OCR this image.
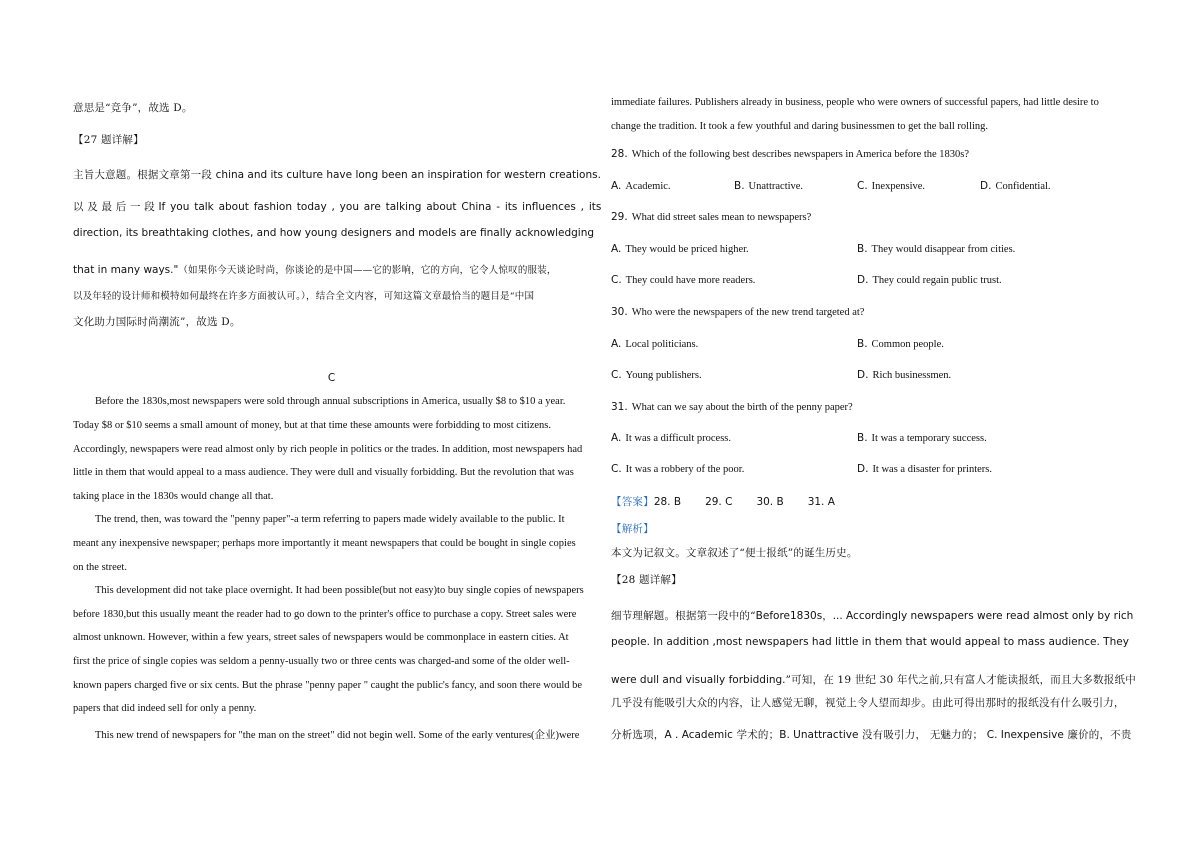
意思是“竞争”，故选 D。
【27 题详解】
主旨大意题。根据文章第一段 china and its culture have long been an inspiration for western creations.
以 及 最 后 一 段 If you talk about fashion today , you are talking about China - its influences , its
direction, its breathtaking clothes, and how young designers and models are finally acknowledging
that in many ways."（如果你今天谈论时尚，你谈论的是中国——它的影响，它的方向，它令人惊叹的服装，
以及年轻的设计师和模特如何最终在许多方面被认可。），结合全文内容，可知这篇文章最恰当的题目是“中国
文化助力国际时尚潮流”，故选 D。
C
Before the 1830s,most newspapers were sold through annual subscriptions in America, usually $8 to $10 a year.
Today $8 or $10 seems a small amount of money, but at that time these amounts were forbidding to most citizens.
Accordingly, newspapers were read almost only by rich people in politics or the trades. In addition, most newspapers had
little in them that would appeal to a mass audience. They were dull and visually forbidding. But the revolution that was
taking place in the 1830s would change all that.
The trend, then, was toward the "penny paper"-a term referring to papers made widely available to the public. It
meant any inexpensive newspaper; perhaps more importantly it meant newspapers that could be bought in single copies
on the street.
This development did not take place overnight. It had been possible(but not easy)to buy single copies of newspapers
before 1830,but this usually meant the reader had to go down to the printer's office to purchase a copy. Street sales were
almost unknown. However, within a few years, street sales of newspapers would be commonplace in eastern cities. At
first the price of single copies was seldom a penny-usually two or three cents was charged-and some of the older well-
known papers charged five or six cents. But the phrase "penny paper " caught the public's fancy, and soon there would be
papers that did indeed sell for only a penny.
This new trend of newspapers for "the man on the street" did not begin well. Some of the early ventures(企业)were
immediate failures. Publishers already in business, people who were owners of successful papers, had little desire to
change the tradition. It took a few youthful and daring businessmen to get the ball rolling.
28. Which of the following best describes newspapers in America before the 1830s?
A. Academic.	B. Unattractive.	C. Inexpensive.	D. Confidential.
29. What did street sales mean to newspapers?
A. They would be priced higher.	B. They would disappear from cities.
C. They could have more readers.	D. They could regain public trust.
30. Who were the newspapers of the new trend targeted at?
A. Local politicians.	B. Common people.
C. Young publishers.	D. Rich businessmen.
31. What can we say about the birth of the penny paper?
A. It was a difficult process.	B. It was a temporary success.
C. It was a robbery of the poor.	D. It was a disaster for printers.
【答案】28. B 29. C 30. B 31. A
【解析】
本文为记叙文。文章叙述了“便士报纸”的诞生历史。
【28 题详解】
细节理解题。根据第一段中的“Before1830s，... Accordingly newspapers were read almost only by rich
people. In addition ,most newspapers had little in them that would appeal to mass audience. They
were dull and visually forbidding.”可知，在 19 世纪 30 年代之前,只有富人才能读报纸，而且大多数报纸中
几乎没有能吸引大众的内容，让人感觉无聊，视觉上令人望而却步。由此可得出那时的报纸没有什么吸引力，
分析选项，A . Academic 学术的；B. Unattractive 没有吸引力， 无魅力的； C. Inexpensive 廉价的，不贵
